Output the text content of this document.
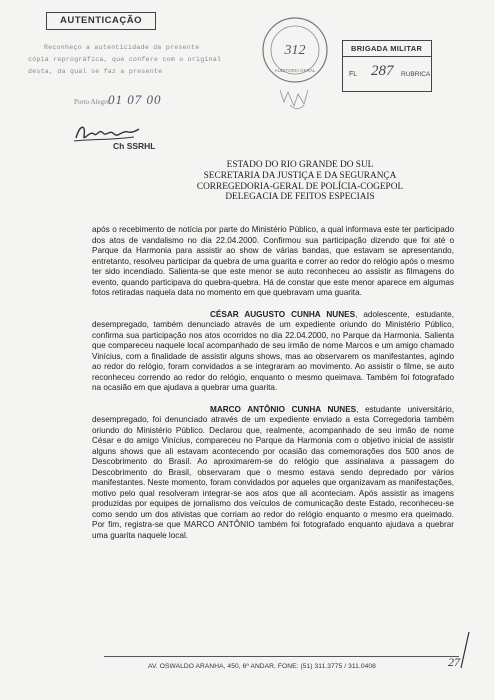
AUTENTICAÇÃO
Reconheço a autenticidade da presente
cópia reprográfica, que confere com o original
desta, da qual se faz a presente
Porto Alegre,
01 07 00
Ch SSRHL
312
AUDITORIA GERAL
BRIGADA MILITAR
FL 287 RUBRICA
ESTADO DO RIO GRANDE DO SUL
SECRETARIA DA JUSTIÇA E DA SEGURANÇA
CORREGEDORIA-GERAL DE POLÍCIA-COGEPOL
DELEGACIA DE FEITOS ESPECIAIS

após o recebimento de notícia por parte do Ministério Público, a qual informava este ter participado dos atos de vandalismo no dia 22.04.2000. Confirmou sua participação dizendo que foi até o Parque da Harmonia para assistir ao show de várias bandas, que estavam se apresentando, entretanto, resolveu participar da quebra de uma guarita e correr ao redor do relógio após o mesmo ter sido incendiado. Salienta-se que este menor se auto reconheceu ao assistir as filmagens do evento, quando participava do quebra-quebra. Há de constar que este menor aparece em algumas fotos retiradas naquela data no momento em que quebravam uma guarita.

CÉSAR AUGUSTO CUNHA NUNES, adolescente, estudante, desempregado, também denunciado através de um expediente oriundo do Ministério Público, confirma sua participação nos atos ocorridos no dia 22.04.2000, no Parque da Harmonia. Salienta que compareceu naquele local acompanhado de seu irmão de nome Marcos e um amigo chamado Vinícius, com a finalidade de assistir alguns shows, mas ao observarem os manifestantes, agindo ao redor do relógio, foram convidados a se integraram ao movimento. Ao assistir o filme, se auto reconheceu correndo ao redor do relógio, enquanto o mesmo queimava. Também foi fotografado na ocasião em que ajudava a quebrar uma guarita.

MARCO ANTÔNIO CUNHA NUNES, estudante universitário, desempregado, foi denunciado através de um expediente enviado a esta Corregedoria também oriundo do Ministério Público. Declarou que, realmente, acompanhado de seu irmão de nome César e do amigo Vinícius, compareceu no Parque da Harmonia com o objetivo inicial de assistir alguns shows que ali estavam acontecendo por ocasião das comemorações dos 500 anos de Descobrimento do Brasil. Ao aproximarem-se do relógio que assinalava a passagem do Descobrimento do Brasil, observaram que o mesmo estava sendo depredado por vários manifestantes. Neste momento, foram convidados por aqueles que organizavam as manifestações, motivo pelo qual resolveram integrar-se aos atos que ali aconteciam. Após assistir as imagens produzidas por equipes de jornalismo dos veículos de comunicação deste Estado, reconheceu-se como sendo um dos ativistas que corriam ao redor do relógio enquanto o mesmo era queimado. Por fim, registra-se que MARCO ANTÔNIO também foi fotografado enquanto ajudava a quebrar uma guarita naquele local.

AV. OSWALDO ARANHA, 450, 6º ANDAR, FONE: (51) 311.3775 / 311.0408	27
